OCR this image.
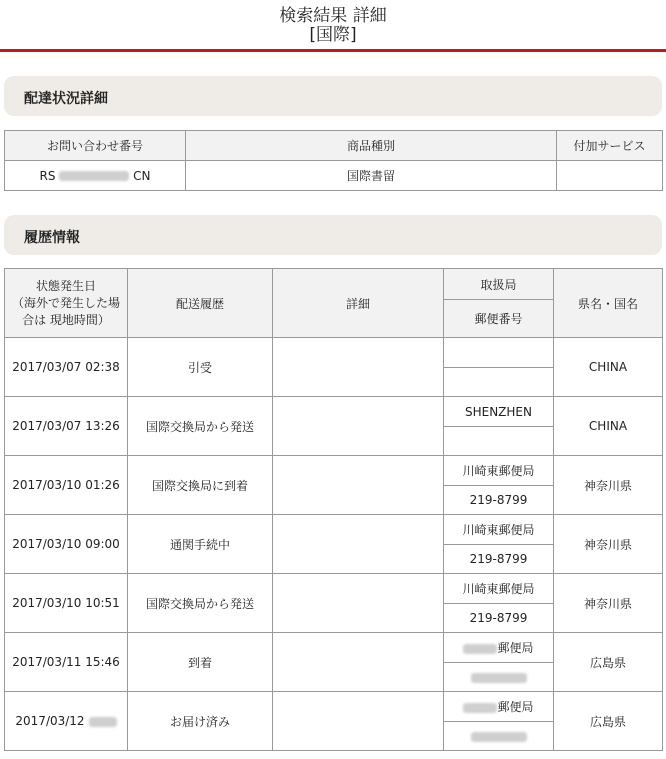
検索結果 詳細
[国際]
配達状況詳細
お問い合わせ番号	商品種別	付加サービス
RS CN	国際書留	
履歴情報
状態発生日
（海外で発生した場
合は 現地時間）	配送履歴	詳細	取扱局	県名・国名
			郵便番号	
2017/03/07 02:38	引受			CHINA

2017/03/07 13:26	国際交換局から発送		SHENZHEN	CHINA

2017/03/10 01:26	国際交換局に到着		川崎東郵便局	神奈川県
			219-8799	
2017/03/10 09:00	通関手続中		川崎東郵便局	神奈川県
			219-8799	
2017/03/10 10:51	国際交換局から発送		川崎東郵便局	神奈川県
			219-8799	
2017/03/11 15:46	到着		郵便局	広島県

2017/03/12	お届け済み		郵便局	広島県
